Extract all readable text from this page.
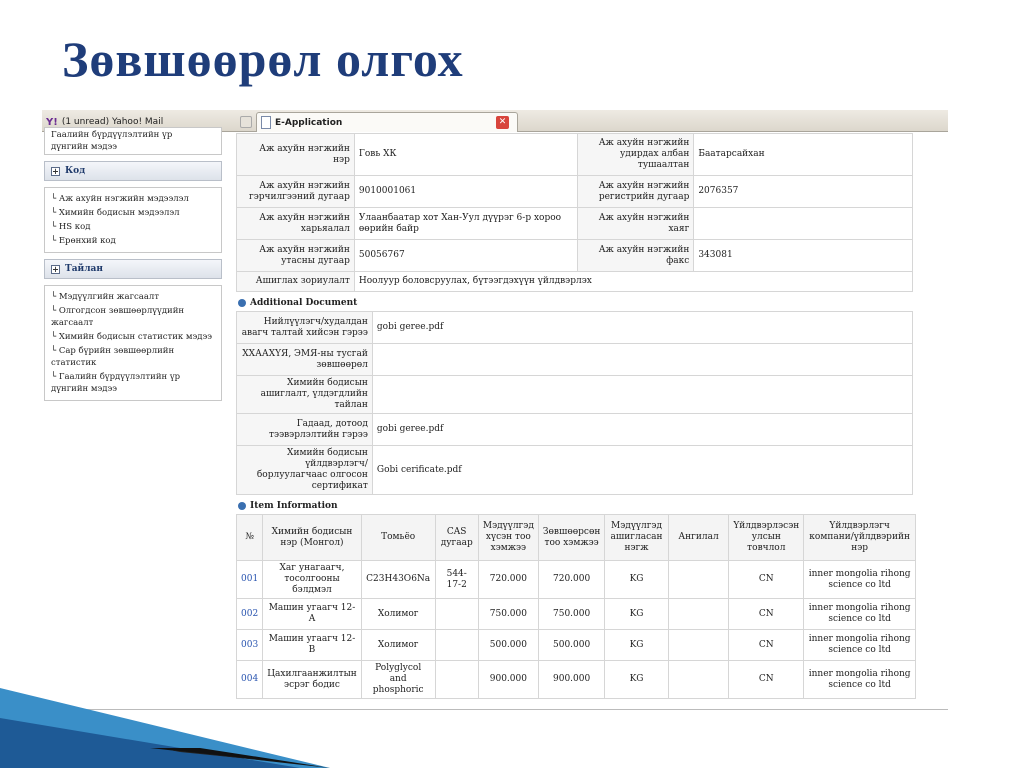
Зөвшөөрөл олгох
Y! (1 unread) Yahoo! Mail	E-Application	✕
Гаалийн бүрдүүлэлтийн үр
дүнгийн мэдээ
+ Код
└ Аж ахуйн нэгжийн мэдээлэл
└ Химийн бодисын мэдээлэл
└ HS код
└ Ерөнхий код
+ Тайлан
└ Мэдүүлгийн жагсаалт
└ Олгогдсон зөвшөөрлүүдийн
жагсаалт
└ Химийн бодисын статистик мэдээ
└ Сар бүрийн зөвшөөрлийн
статистик
└ Гаалийн бүрдүүлэлтийн үр
дүнгийн мэдээ
Аж ахуйн нэгжийн нэр	Говь ХК	Аж ахуйн нэгжийн удирдах албан тушаалтан	Баатарсайхан
Аж ахуйн нэгжийн гэрчилгээний дугаар	9010001061	Аж ахуйн нэгжийн регистрийн дугаар	2076357
Аж ахуйн нэгжийн харьяалал	Улаанбаатар хот Хан-Уул дүүрэг 6-р хороо өөрийн байр	Аж ахуйн нэгжийн хаяг	
Аж ахуйн нэгжийн утасны дугаар	50056767	Аж ахуйн нэгжийн факс	343081
Ашиглах зориулалт	Ноолуур боловсруулах, бүтээгдэхүүн үйлдвэрлэх		
Additional Document
Нийлүүлэгч/худалдан авагч талтай хийсэн гэрээ	gobi geree.pdf
ХХААХҮЯ, ЭМЯ-ны тусгай зөвшөөрөл	
Химийн бодисын ашиглалт, үлдэгдлийн тайлан	
Гадаад, дотоод тээвэрлэлтийн гэрээ	gobi geree.pdf
Химийн бодисын үйлдвэрлэгч/борлуулагчаас олгосон сертификат	Gobi cerificate.pdf
Item Information
№	Химийн бодисын нэр (Монгол)	Томьёо	CAS дугаар	Мэдүүлгэд хүсэн тоо хэмжээ	Зөвшөөрсөн тоо хэмжээ	Мэдүүлгэд ашигласан нэгж	Ангилал	Үйлдвэрлэсэн улсын товчлол	Үйлдвэрлэгч компани/үйлдвэрийн нэр
001	Хаг унагаагч, тосолгооны бэлдмэл	C23H43O6Na	544-17-2	720.000	720.000	KG		CN	inner mongolia rihong science co ltd
002	Машин угаагч 12-А	Холимог		750.000	750.000	KG		CN	inner mongolia rihong science co ltd
003	Машин угаагч 12-В	Холимог		500.000	500.000	KG		CN	inner mongolia rihong science co ltd
004	Цахилгаанжилтын эсрэг бодис	Polyglycol and phosphoric		900.000	900.000	KG		CN	inner mongolia rihong science co ltd
